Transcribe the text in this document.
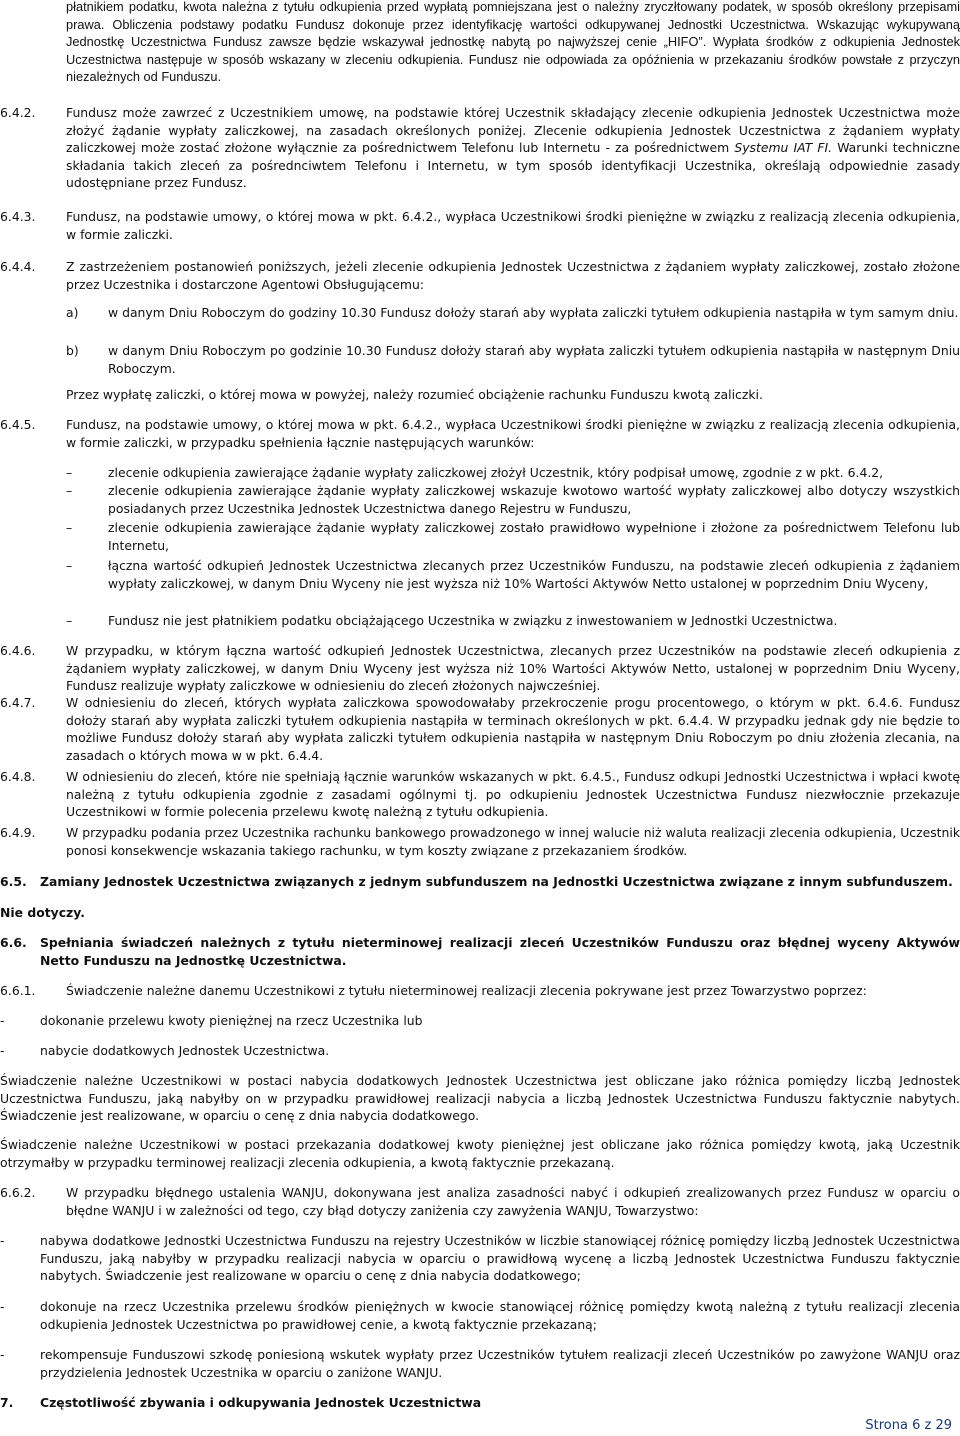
płatnikiem podatku, kwota należna z tytułu odkupienia przed wypłatą pomniejszana jest o należny zryczłtowany podatek, w sposób określony przepisami prawa. Obliczenia podstawy podatku Fundusz dokonuje przez identyfikację wartości odkupywanej Jednostki Uczestnictwa. Wskazując wykupywaną Jednostkę Uczestnictwa Fundusz zawsze będzie wskazywał jednostkę nabytą po najwyższej cenie „HIFO”. Wypłata środków z odkupienia Jednostek Uczestnictwa następuje w sposób wskazany w zleceniu odkupienia. Fundusz nie odpowiada za opóźnienia w przekazaniu środków powstałe z przyczyn niezależnych od Funduszu.

6.4.2. Fundusz może zawrzeć z Uczestnikiem umowę, na podstawie której Uczestnik składający zlecenie odkupienia Jednostek Uczestnictwa może złożyć żądanie wypłaty zaliczkowej, na zasadach określonych poniżej. Zlecenie odkupienia Jednostek Uczestnictwa z żądaniem wypłaty zaliczkowej może zostać złożone wyłącznie za pośrednictwem Telefonu lub Internetu - za pośrednictwem Systemu IAT FI. Warunki techniczne składania takich zleceń za pośrednciwtem Telefonu i Internetu, w tym sposób identyfikacji Uczestnika, określają odpowiednie zasady udostępniane przez Fundusz.

6.4.3. Fundusz, na podstawie umowy, o której mowa w pkt. 6.4.2., wypłaca Uczestnikowi środki pieniężne w związku z realizacją zlecenia odkupienia, w formie zaliczki.

6.4.4. Z zastrzeżeniem postanowień poniższych, jeżeli zlecenie odkupienia Jednostek Uczestnictwa z żądaniem wypłaty zaliczkowej, zostało złożone przez Uczestnika i dostarczone Agentowi Obsługującemu:

a) w danym Dniu Roboczym do godziny 10.30 Fundusz dołoży starań aby wypłata zaliczki tytułem odkupienia nastąpiła w tym samym dniu.

b) w danym Dniu Roboczym po godzinie 10.30 Fundusz dołoży starań aby wypłata zaliczki tytułem odkupienia nastąpiła w następnym Dniu Roboczym.

Przez wypłatę zaliczki, o której mowa w powyżej, należy rozumieć obciążenie rachunku Funduszu kwotą zaliczki.

6.4.5. Fundusz, na podstawie umowy, o której mowa w pkt. 6.4.2., wypłaca Uczestnikowi środki pieniężne w związku z realizacją zlecenia odkupienia, w formie zaliczki, w przypadku spełnienia łącznie następujących warunków:

–	zlecenie odkupienia zawierające żądanie wypłaty zaliczkowej złożył Uczestnik, który podpisał umowę, zgodnie z w pkt. 6.4.2,

–	zlecenie odkupienia zawierające żądanie wypłaty zaliczkowej wskazuje kwotowo wartość wypłaty zaliczkowej albo dotyczy wszystkich posiadanych przez Uczestnika Jednostek Uczestnictwa danego Rejestru w Funduszu,

–	zlecenie odkupienia zawierające żądanie wypłaty zaliczkowej zostało prawidłowo wypełnione i złożone za pośrednictwem Telefonu lub Internetu,

–	łączna wartość odkupień Jednostek Uczestnictwa zlecanych przez Uczestników Funduszu, na podstawie zleceń odkupienia z żądaniem wypłaty zaliczkowej, w danym Dniu Wyceny nie jest wyższa niż 10% Wartości Aktywów Netto ustalonej w poprzednim Dniu Wyceny,

–	Fundusz nie jest płatnikiem podatku obciążającego Uczestnika w związku z inwestowaniem w Jednostki Uczestnictwa.

6.4.6. W przypadku, w którym łączna wartość odkupień Jednostek Uczestnictwa, zlecanych przez Uczestników na podstawie zleceń odkupienia z żądaniem wypłaty zaliczkowej, w danym Dniu Wyceny jest wyższa niż 10% Wartości Aktywów Netto, ustalonej w poprzednim Dniu Wyceny, Fundusz realizuje wypłaty zaliczkowe w odniesieniu do zleceń złożonych najwcześniej.

6.4.7. W odniesieniu do zleceń, których wypłata zaliczkowa spowodowałaby przekroczenie progu procentowego, o którym w pkt. 6.4.6. Fundusz dołoży starań aby wypłata zaliczki tytułem odkupienia nastąpiła w terminach określonych w pkt. 6.4.4. W przypadku jednak gdy nie będzie to możliwe Fundusz dołoży starań aby wypłata zaliczki tytułem odkupienia nastąpiła w następnym Dniu Roboczym po dniu złożenia zlecania, na zasadach o których mowa w w pkt. 6.4.4.

6.4.8. W odniesieniu do zleceń, które nie spełniają łącznie warunków wskazanych w pkt. 6.4.5., Fundusz odkupi Jednostki Uczestnictwa i wpłaci kwotę należną z tytułu odkupienia zgodnie z zasadami ogólnymi tj. po odkupieniu Jednostek Uczestnictwa Fundusz niezwłocznie przekazuje Uczestnikowi w formie polecenia przelewu kwotę należną z tytułu odkupienia.

6.4.9. W przypadku podania przez Uczestnika rachunku bankowego prowadzonego w innej walucie niż waluta realizacji zlecenia odkupienia, Uczestnik ponosi konsekwencje wskazania takiego rachunku, w tym koszty związane z przekazaniem środków.

6.5. Zamiany Jednostek Uczestnictwa związanych z jednym subfunduszem na Jednostki Uczestnictwa związane z innym subfunduszem.

Nie dotyczy.

6.6. Spełniania świadczeń należnych z tytułu nieterminowej realizacji zleceń Uczestników Funduszu oraz błędnej wyceny Aktywów Netto Funduszu na Jednostkę Uczestnictwa.

6.6.1. Świadczenie należne danemu Uczestnikowi z tytułu nieterminowej realizacji zlecenia pokrywane jest przez Towarzystwo poprzez:

-	dokonanie przelewu kwoty pieniężnej na rzecz Uczestnika lub

-	nabycie dodatkowych Jednostek Uczestnictwa.

Świadczenie należne Uczestnikowi w postaci nabycia dodatkowych Jednostek Uczestnictwa jest obliczane jako różnica pomiędzy liczbą Jednostek Uczestnictwa Funduszu, jaką nabyłby on w przypadku prawidłowej realizacji nabycia a liczbą Jednostek Uczestnictwa Funduszu faktycznie nabytych. Świadczenie jest realizowane, w oparciu o cenę z dnia nabycia dodatkowego.

Świadczenie należne Uczestnikowi w postaci przekazania dodatkowej kwoty pieniężnej jest obliczane jako różnica pomiędzy kwotą, jaką Uczestnik otrzymałby w przypadku terminowej realizacji zlecenia odkupienia, a kwotą faktycznie przekazaną.

6.6.2. W przypadku błędnego ustalenia WANJU, dokonywana jest analiza zasadności nabyć i odkupień zrealizowanych przez Fundusz w oparciu o błędne WANJU i w zależności od tego, czy błąd dotyczy zaniżenia czy zawyżenia WANJU, Towarzystwo:

-	nabywa dodatkowe Jednostki Uczestnictwa Funduszu na rejestry Uczestników w liczbie stanowiącej różnicę pomiędzy liczbą Jednostek Uczestnictwa Funduszu, jaką nabyłby w przypadku realizacji nabycia w oparciu o prawidłową wycenę a liczbą Jednostek Uczestnictwa Funduszu faktycznie nabytych. Świadczenie jest realizowane w oparciu o cenę z dnia nabycia dodatkowego;

-	dokonuje na rzecz Uczestnika przelewu środków pieniężnych w kwocie stanowiącej różnicę pomiędzy kwotą należną z tytułu realizacji zlecenia odkupienia Jednostek Uczestnictwa po prawidłowej cenie, a kwotą faktycznie przekazaną;

-	rekompensuje Funduszowi szkodę poniesioną wskutek wypłaty przez Uczestników tytułem realizacji zleceń Uczestników po zawyżone WANJU oraz przydzielenia Jednostek Uczestnika w oparciu o zaniżone WANJU.

7. Częstotliwość zbywania i odkupywania Jednostek Uczestnictwa

Strona 6 z 29
